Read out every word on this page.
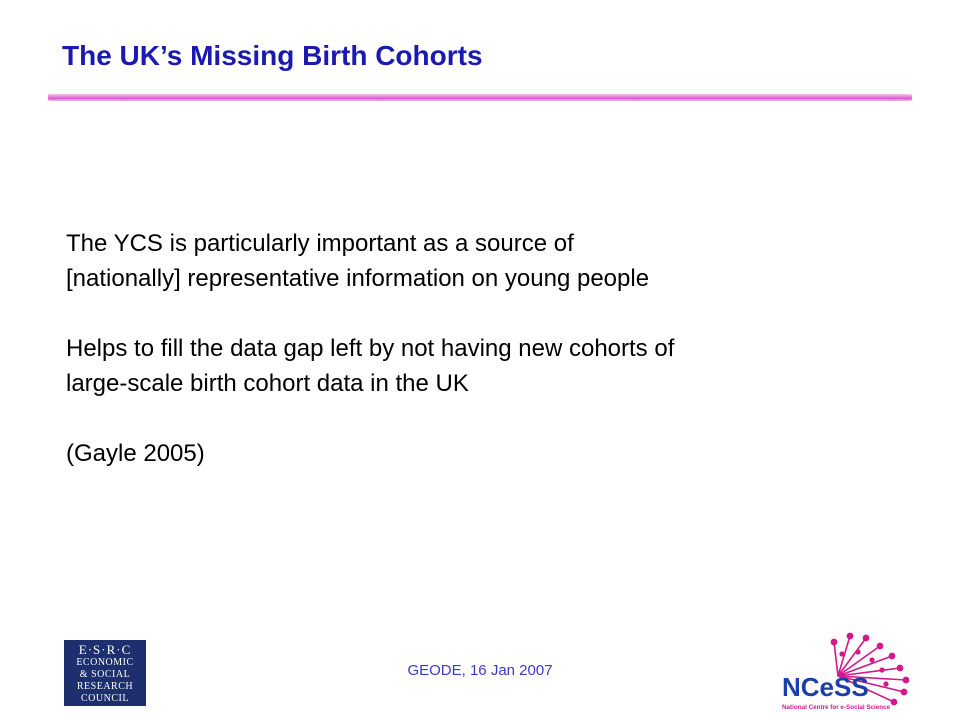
The UK’s Missing Birth Cohorts

The YCS is particularly important as a source of
[nationally] representative information on young people

Helps to fill the data gap left by not having new cohorts of
large-scale birth cohort data in the UK

(Gayle 2005)

E·S·R·C
ECONOMIC
& SOCIAL
RESEARCH
COUNCIL
GEODE, 16 Jan 2007
NCeSS
National Centre for e-Social Science
